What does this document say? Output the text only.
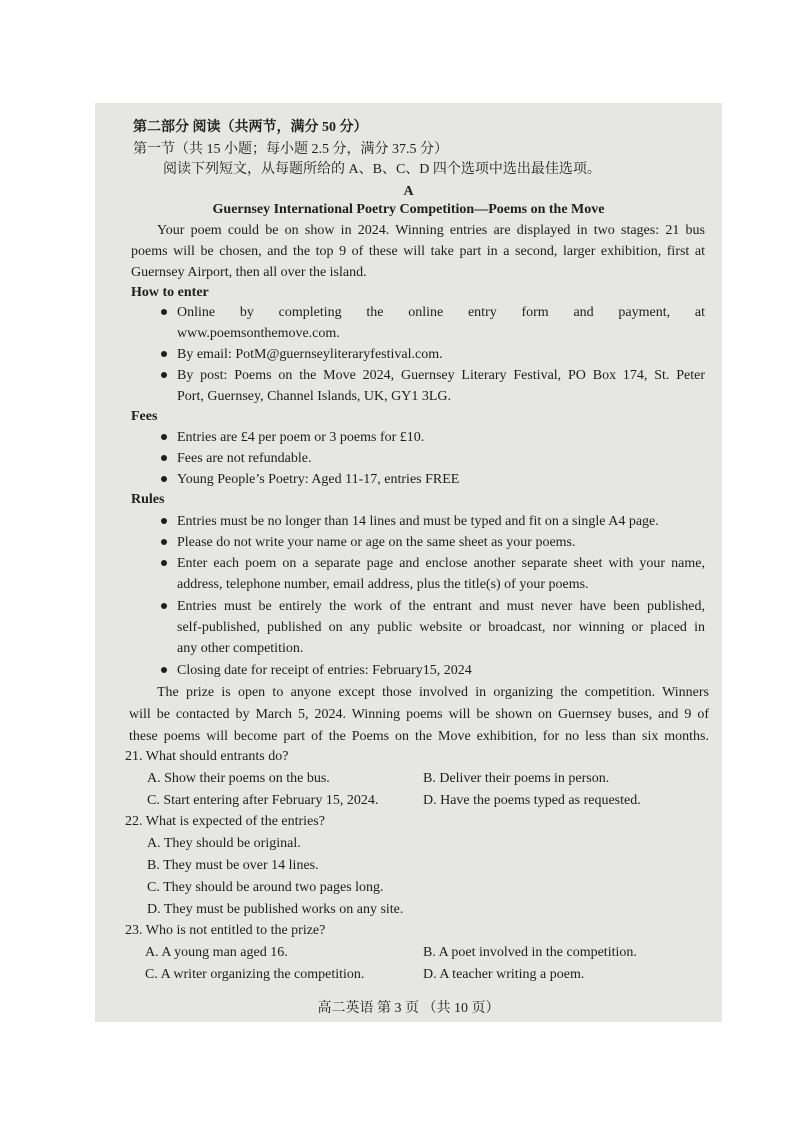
第二部分 阅读（共两节，满分 50 分）
第一节（共 15 小题；每小题 2.5 分，满分 37.5 分）
阅读下列短文，从每题所给的 A、B、C、D 四个选项中选出最佳选项。
A
Guernsey International Poetry Competition—Poems on the Move
Your poem could be on show in 2024. Winning entries are displayed in two stages: 21 bus
poems will be chosen, and the top 9 of these will take part in a second, larger exhibition, first at
Guernsey Airport, then all over the island.
How to enter
Online by completing the online entry form and payment, at
www.poemsonthemove.com.
By email: PotM@guernseyliteraryfestival.com.
By post: Poems on the Move 2024, Guernsey Literary Festival, PO Box 174, St. Peter
Port, Guernsey, Channel Islands, UK, GY1 3LG.
Fees
Entries are £4 per poem or 3 poems for £10.
Fees are not refundable.
Young People’s Poetry: Aged 11-17, entries FREE
Rules
Entries must be no longer than 14 lines and must be typed and fit on a single A4 page.
Please do not write your name or age on the same sheet as your poems.
Enter each poem on a separate page and enclose another separate sheet with your name,
address, telephone number, email address, plus the title(s) of your poems.
Entries must be entirely the work of the entrant and must never have been published,
self-published, published on any public website or broadcast, nor winning or placed in
any other competition.
Closing date for receipt of entries: February15, 2024
The prize is open to anyone except those involved in organizing the competition. Winners
will be contacted by March 5, 2024. Winning poems will be shown on Guernsey buses, and 9 of
these poems will become part of the Poems on the Move exhibition, for no less than six months.
21. What should entrants do?
A. Show their poems on the bus.	B. Deliver their poems in person.
C. Start entering after February 15, 2024.	D. Have the poems typed as requested.
22. What is expected of the entries?
A. They should be original.
B. They must be over 14 lines.
C. They should be around two pages long.
D. They must be published works on any site.
23. Who is not entitled to the prize?
A. A young man aged 16.	B. A poet involved in the competition.
C. A writer organizing the competition.	D. A teacher writing a poem.
高二英语 第 3 页 （共 10 页）
